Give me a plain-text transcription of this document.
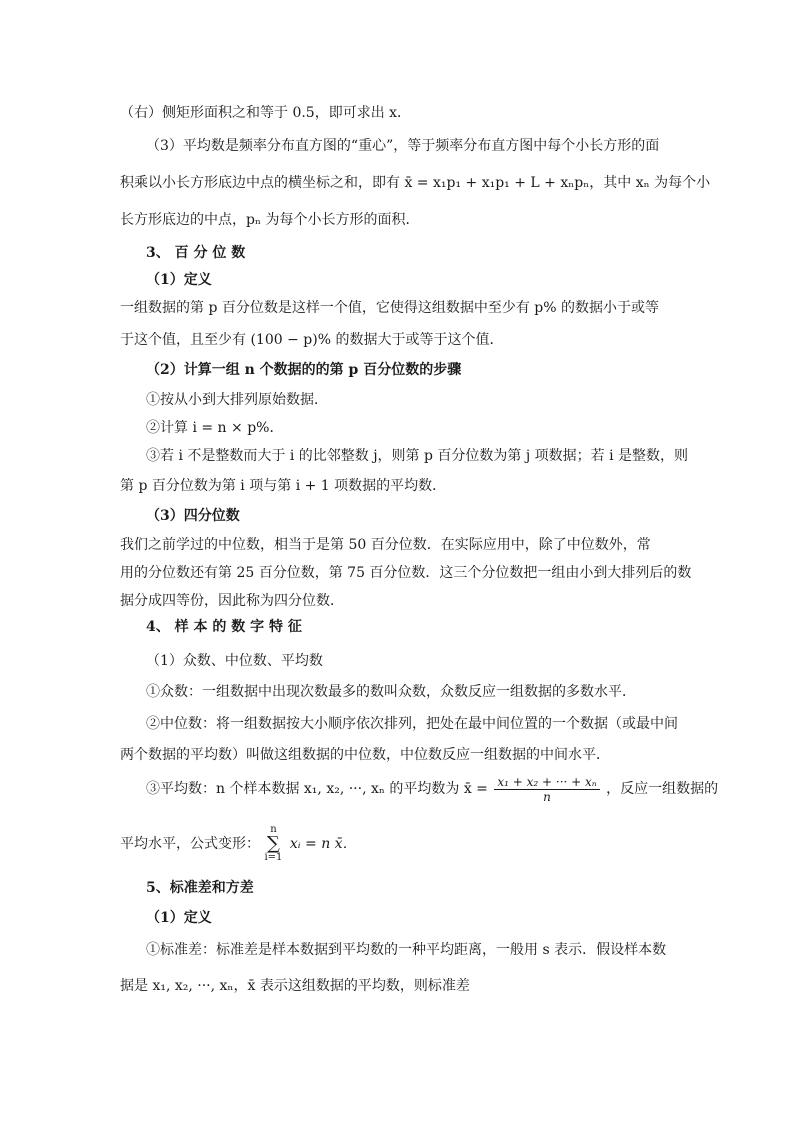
（右）侧矩形面积之和等于 0.5，即可求出 x．
（3）平均数是频率分布直方图的“重心”，等于频率分布直方图中每个小长方形的面
积乘以小长方形底边中点的横坐标之和，即有 x̄ = x₁p₁ + x₁p₁ + L + xₙpₙ，其中 xₙ 为每个小
长方形底边的中点，pₙ 为每个小长方形的面积．
3、 百 分 位 数
（1）定义
一组数据的第 p 百分位数是这样一个值，它使得这组数据中至少有 p% 的数据小于或等
于这个值，且至少有 (100 − p)% 的数据大于或等于这个值．
（2）计算一组 n 个数据的的第 p 百分位数的步骤
①按从小到大排列原始数据．
②计算 i = n × p%．
③若 i 不是整数而大于 i 的比邻整数 j，则第 p 百分位数为第 j 项数据；若 i 是整数，则
第 p 百分位数为第 i 项与第 i + 1 项数据的平均数．
（3）四分位数
我们之前学过的中位数，相当于是第 50 百分位数．在实际应用中，除了中位数外，常
用的分位数还有第 25 百分位数，第 75 百分位数．这三个分位数把一组由小到大排列后的数
据分成四等份，因此称为四分位数．
4、 样 本 的 数 字 特 征
（1）众数、中位数、平均数
①众数：一组数据中出现次数最多的数叫众数，众数反应一组数据的多数水平．
②中位数：将一组数据按大小顺序依次排列，把处在最中间位置的一个数据（或最中间
两个数据的平均数）叫做这组数据的中位数，中位数反应一组数据的中间水平．
③平均数：n 个样本数据 x₁, x₂, ···, xₙ 的平均数为 x̄ = $\frac{\text{x₁ + x₂ + ··· + xₙ}}{n}$ ，反应一组数据的
平均水平，公式变形： n
∑
i=1 xᵢ = n x̄．
5、标准差和方差
（1）定义
①标准差：标准差是样本数据到平均数的一种平均距离，一般用 s 表示．假设样本数
据是 x₁, x₂, ···, xₙ，x̄ 表示这组数据的平均数，则标准差
